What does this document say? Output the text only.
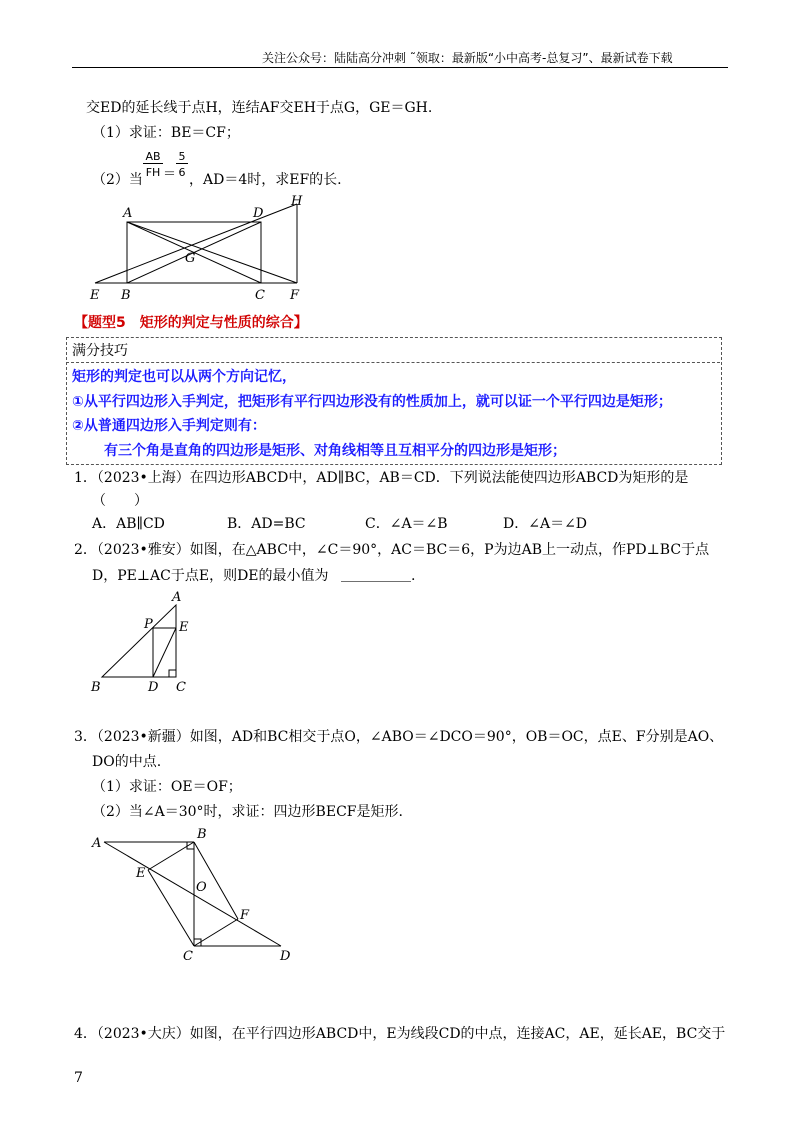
关注公众号：陆陆高分冲刺 ˜领取：最新版“小中高考-总复习”、最新试卷下载
交ED的延长线于点H，连结AF交EH于点G，GE＝GH.
（1）求证：BE＝CF；
（2）当
AB
FH ＝
5
6 ，AD＝4时，求EF的长.
A	D
H
G
E B	C F
【题型5　矩形的判定与性质的综合】
满分技巧
矩形的判定也可以从两个方向记忆，
①从平行四边形入手判定，把矩形有平行四边形没有的性质加上，就可以证一个平行四边是矩形；
②从普通四边形入手判定则有：
有三个角是直角的四边形是矩形、对角线相等且互相平分的四边形是矩形；
1．（2023•上海）在四边形ABCD中，AD∥BC，AB＝CD．下列说法能使四边形ABCD为矩形的是
（　　）
A．AB∥CD	B．AD=BC	C．∠A＝∠B	D．∠A＝∠D
2．（2023•雅安）如图，在△ABC中，∠C＝90°，AC＝BC＝6，P为边AB上一动点，作PD⊥BC于点
D，PE⊥AC于点E，则DE的最小值为 ＿＿＿＿＿.
A
P E
B	D C
3．（2023•新疆）如图，AD和BC相交于点O，∠ABO＝∠DCO＝90°，OB＝OC，点E、F分别是AO、
DO的中点.
（1）求证：OE＝OF；
（2）当∠A＝30°时，求证：四边形BECF是矩形.
A
B
E
O
F
C	D
4．（2023•大庆）如图，在平行四边形ABCD中，E为线段CD的中点，连接AC，AE，延长AE，BC交于
7
